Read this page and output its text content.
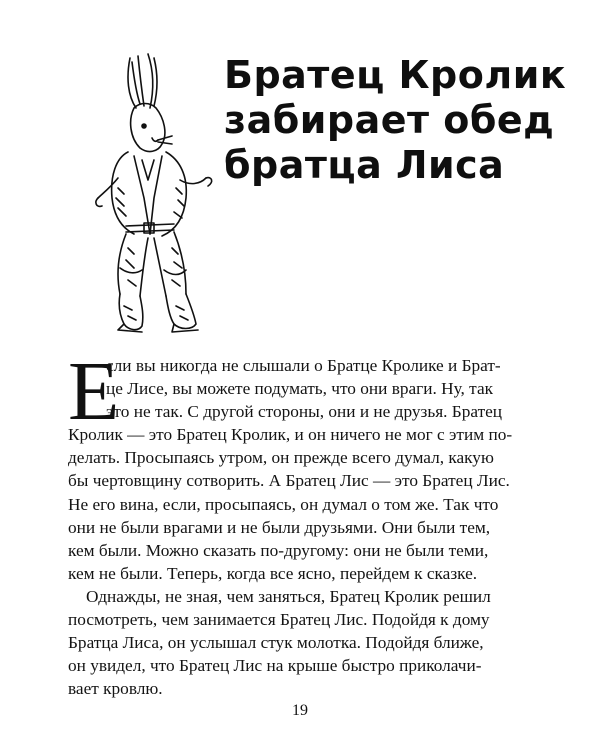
Братец Кролик
забирает обед
братца Лиса
Е
сли вы никогда не слышали о Братце Кролике и Брат-
це Лисе, вы можете подумать, что они враги. Ну, так
это не так. С другой стороны, они и не друзья. Братец
Кролик — это Братец Кролик, и он ничего не мог с этим по-
делать. Просыпаясь утром, он прежде всего думал, какую
бы чертовщину сотворить. А Братец Лис — это Братец Лис.
Не его вина, если, просыпаясь, он думал о том же. Так что
они не были врагами и не были друзьями. Они были тем,
кем были. Можно сказать по-другому: они не были теми,
кем не были. Теперь, когда все ясно, перейдем к сказке.
Однажды, не зная, чем заняться, Братец Кролик решил
посмотреть, чем занимается Братец Лис. Подойдя к дому
Братца Лиса, он услышал стук молотка. Подойдя ближе,
он увидел, что Братец Лис на крыше быстро приколачи-
вает кровлю.
19
